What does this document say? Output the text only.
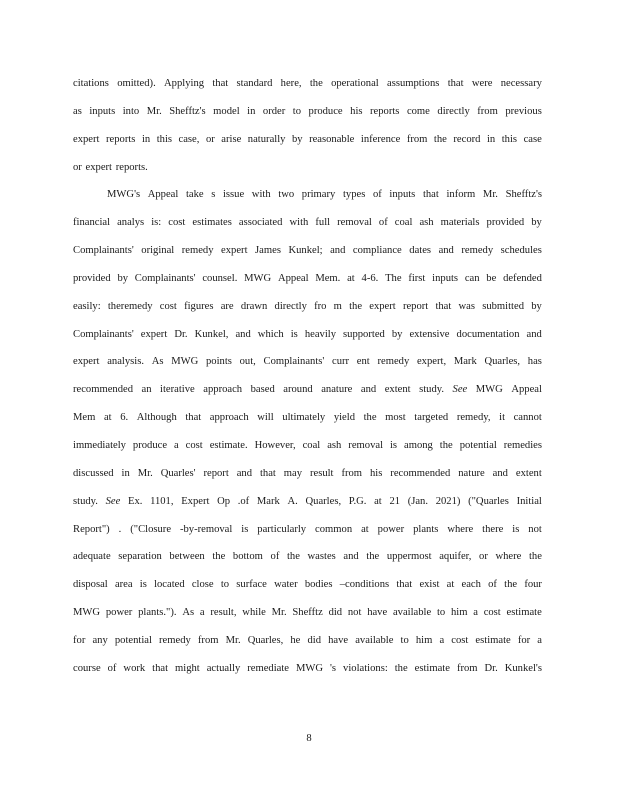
citations omitted). Applying that standard here, the operational assumptions that were necessary
as inputs into Mr. Shefftz's model in order to produce his reports come directly from previous
expert reports in this case, or arise naturally by reasonable inference from the record in this case
or expert reports.
MWG's Appeal take s issue with two primary types of inputs that inform Mr. Shefftz's
financial analys is: cost estimates associated with full removal of coal ash materials provided by
Complainants' original remedy expert James Kunkel; and compliance dates and remedy schedules
provided by Complainants' counsel. MWG Appeal Mem. at 4-6. The first inputs can be defended
easily: theremedy cost figures are drawn directly fro m the expert report that was submitted by
Complainants' expert Dr. Kunkel, and which is heavily supported by extensive documentation and
expert analysis. As MWG points out, Complainants' curr ent remedy expert, Mark Quarles, has
recommended an iterative approach based around anature and extent study. See MWG Appeal
Mem at 6. Although that approach will ultimately yield the most targeted remedy, it cannot
immediately produce a cost estimate. However, coal ash removal is among the potential remedies
discussed in Mr. Quarles' report and that may result from his recommended nature and extent
study. See Ex. 1101, Expert Op .of Mark A. Quarles, P.G. at 21 (Jan. 2021) ("Quarles Initial
Report") . ("Closure -by-removal is particularly common at power plants where there is not
adequate separation between the bottom of the wastes and the uppermost aquifer, or where the
disposal area is located close to surface water bodies –conditions that exist at each of the four
MWG power plants."). As a result, while Mr. Shefftz did not have available to him a cost estimate
for any potential remedy from Mr. Quarles, he did have available to him a cost estimate for a
course of work that might actually remediate MWG 's violations: the estimate from Dr. Kunkel's
8
